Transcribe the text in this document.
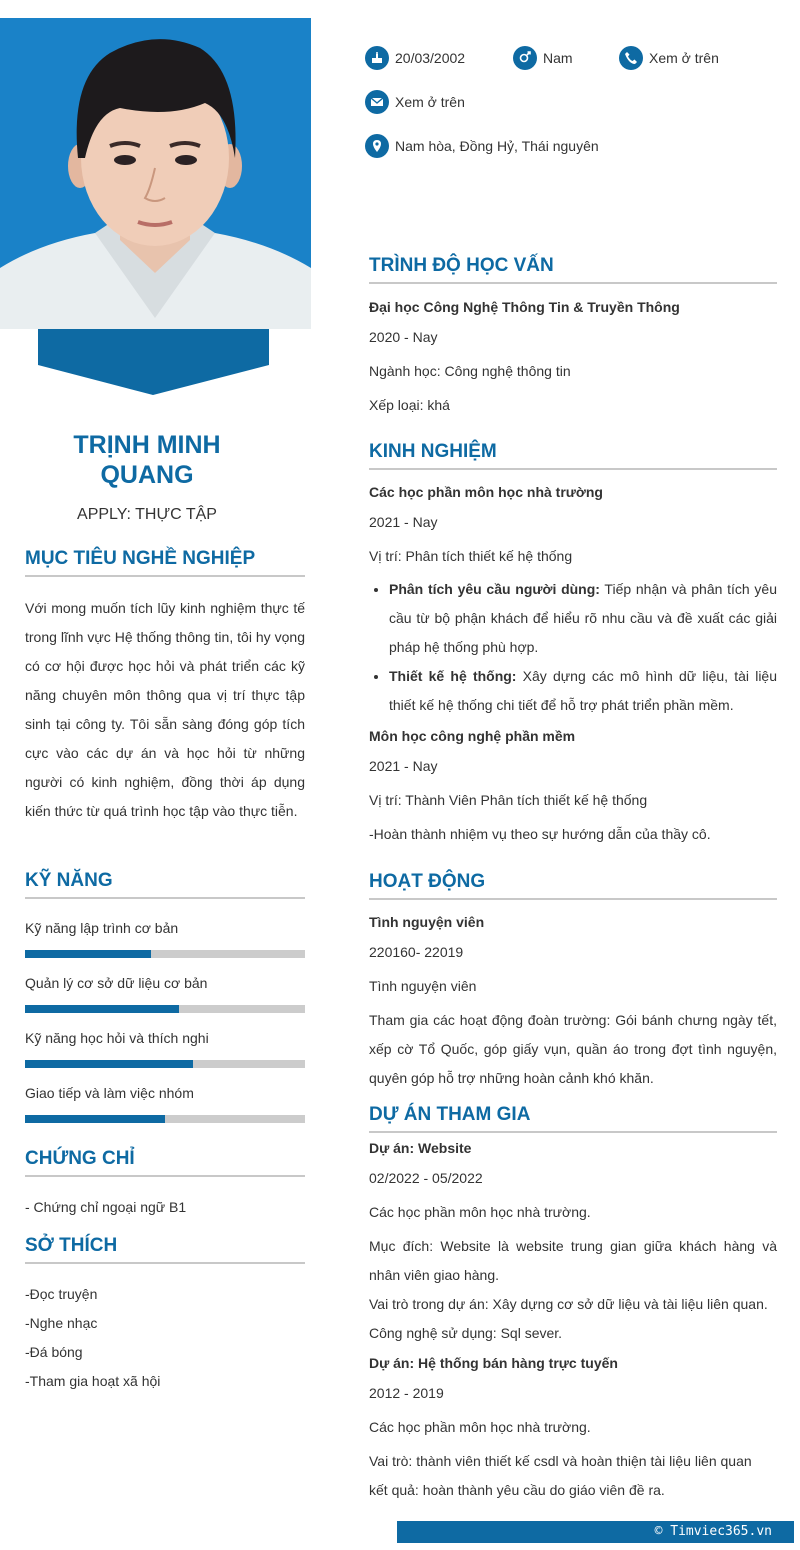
TRỊNH MINH QUANG
APPLY: THỰC TẬP
20/03/2002	Nam	Xem ở trên
Xem ở trên
Nam hòa, Đồng Hỷ, Thái nguyên
MỤC TIÊU NGHỀ NGHIỆP
Với mong muốn tích lũy kinh nghiệm thực tế trong lĩnh vực Hệ thống thông tin, tôi hy vọng có cơ hội được học hỏi và phát triển các kỹ năng chuyên môn thông qua vị trí thực tập sinh tại công ty. Tôi sẵn sàng đóng góp tích cực vào các dự án và học hỏi từ những người có kinh nghiệm, đồng thời áp dụng kiến thức từ quá trình học tập vào thực tiễn.
KỸ NĂNG
Kỹ năng lập trình cơ bản
Quản lý cơ sở dữ liệu cơ bản
Kỹ năng học hỏi và thích nghi
Giao tiếp và làm việc nhóm
CHỨNG CHỈ
- Chứng chỉ ngoại ngữ B1
SỞ THÍCH
-Đọc truyện
-Nghe nhạc
-Đá bóng
-Tham gia hoạt xã hội
TRÌNH ĐỘ HỌC VẤN
Đại học Công Nghệ Thông Tin & Truyền Thông
2020 - Nay
Ngành học: Công nghệ thông tin
Xếp loại: khá
KINH NGHIỆM
Các học phần môn học nhà trường
2021 - Nay
Vị trí: Phân tích thiết kế hệ thống
• Phân tích yêu cầu người dùng: Tiếp nhận và phân tích yêu cầu từ bộ phận khách để hiểu rõ nhu cầu và đề xuất các giải pháp hệ thống phù hợp.
• Thiết kế hệ thống: Xây dựng các mô hình dữ liệu, tài liệu thiết kế hệ thống chi tiết để hỗ trợ phát triển phần mềm.
Môn học công nghệ phần mềm
2021 - Nay
Vị trí: Thành Viên Phân tích thiết kế hệ thống
-Hoàn thành nhiệm vụ theo sự hướng dẫn của thầy cô.
HOẠT ĐỘNG
Tình nguyện viên
220160- 22019
Tình nguyện viên
Tham gia các hoạt động đoàn trường: Gói bánh chưng ngày tết, xếp cờ Tổ Quốc, góp giấy vụn, quần áo trong đợt tình nguyện, quyên góp hỗ trợ những hoàn cảnh khó khăn.
DỰ ÁN THAM GIA
Dự án: Website
02/2022 - 05/2022
Các học phần môn học nhà trường.
Mục đích: Website là website trung gian giữa khách hàng và nhân viên giao hàng.
Vai trò trong dự án: Xây dựng cơ sở dữ liệu và tài liệu liên quan.
Công nghệ sử dụng: Sql sever.
Dự án: Hệ thống bán hàng trực tuyến
2012 - 2019
Các học phần môn học nhà trường.
Vai trò: thành viên thiết kế csdl và hoàn thiện tài liệu liên quan
kết quả: hoàn thành yêu cầu do giáo viên đề ra.
© Timviec365.vn
